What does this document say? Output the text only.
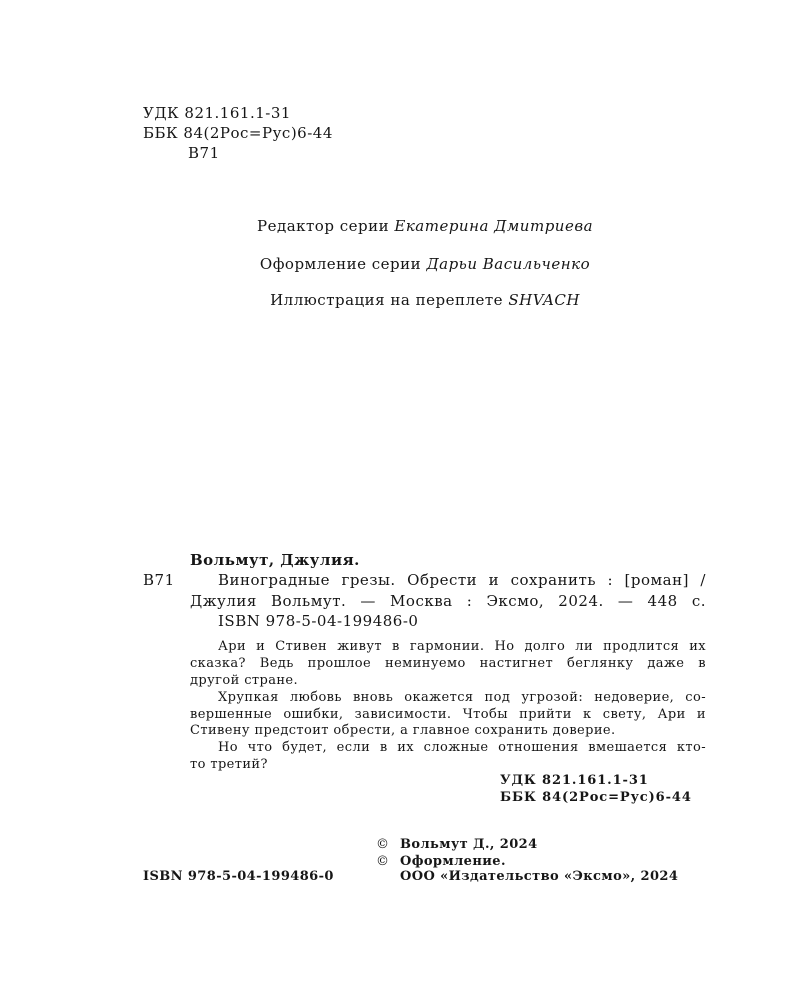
УДК 821.161.1-31
ББК 84(2Рос=Рус)6-44
В71
Редактор серии Екатерина Дмитриева
Оформление серии Дарьи Васильченко
Иллюстрация на переплете SHVACH
Вольмут, Джулия.
В71	Виноградные грезы. Обрести и сохранить : [роман] /
Джулия Вольмут. — Москва : Эксмо, 2024. — 448 с.
ISBN 978-5-04-199486-0
Ари и Стивен живут в гармонии. Но долго ли продлится их
сказка? Ведь прошлое неминуемо настигнет беглянку даже в
другой стране.
Хрупкая любовь вновь окажется под угрозой: недоверие, со-
вершенные ошибки, зависимости. Чтобы прийти к свету, Ари и
Стивену предстоит обрести, а главное сохранить доверие.
Но что будет, если в их сложные отношения вмешается кто-
то третий?
УДК 821.161.1-31
ББК 84(2Рос=Рус)6-44
© Вольмут Д., 2024
© Оформление.
ISBN 978-5-04-199486-0	ООО «Издательство «Эксмо», 2024
